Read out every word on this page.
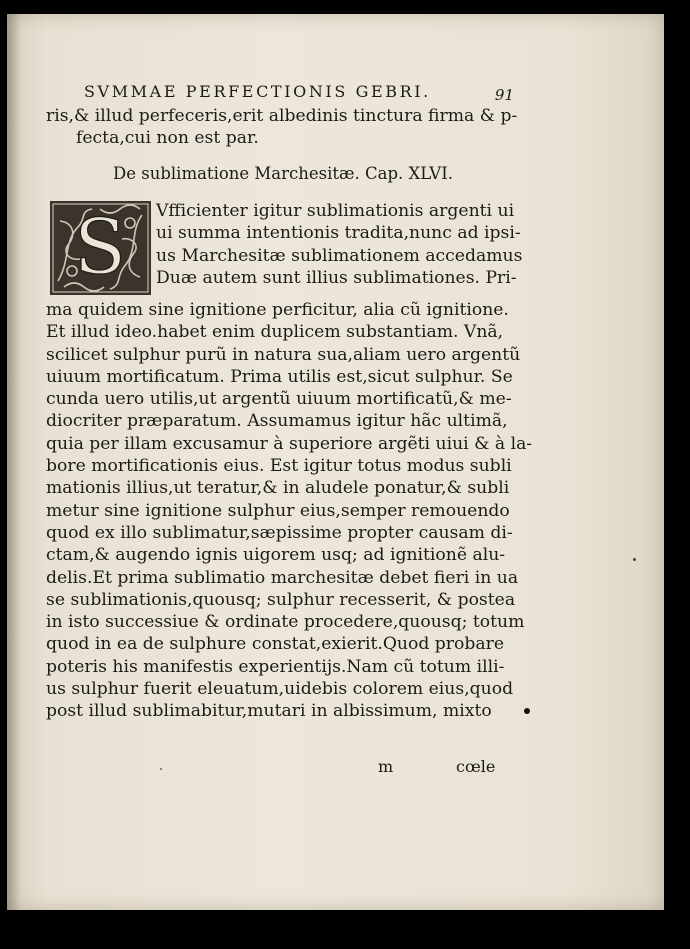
SVMMAE PERFECTIONIS GEBRI.	91
ris,& illud perfeceris,erit albedinis tinctura firma & p-
fecta,cui non est par.
De sublimatione Marchesitæ. Cap. XLVI.
S Vfficienter igitur sublimationis argenti ui
ui summa intentionis tradita,nunc ad ipsi-
us Marchesitæ sublimationem accedamus
Duæ autem sunt illius sublimationes. Pri-
ma quidem sine ignitione perficitur, alia cũ ignitione.
Et illud ideo.habet enim duplicem substantiam. Vnã,
scilicet sulphur purũ in natura sua,aliam uero argentũ
uiuum mortificatum. Prima utilis est,sicut sulphur. Se
cunda uero utilis,ut argentũ uiuum mortificatũ,& me-
diocriter præparatum. Assumamus igitur hãc ultimã,
quia per illam excusamur à superiore argẽti uiui & à la-
bore mortificationis eius. Est igitur totus modus subli
mationis illius,ut teratur,& in aludele ponatur,& subli
metur sine ignitione sulphur eius,semper remouendo
quod ex illo sublimatur,sæpissime propter causam di-
ctam,& augendo ignis uigorem usq; ad ignitionẽ alu-
delis.Et prima sublimatio marchesitæ debet fieri in ua
se sublimationis,quousq; sulphur recesserit, & postea
in isto successiue & ordinate procedere,quousq; totum
quod in ea de sulphure constat,exierit.Quod probare
poteris his manifestis experientijs.Nam cũ totum illi-
us sulphur fuerit eleuatum,uidebis colorem eius,quod
post illud sublimabitur,mutari in albissimum, mixto
m	cœle
